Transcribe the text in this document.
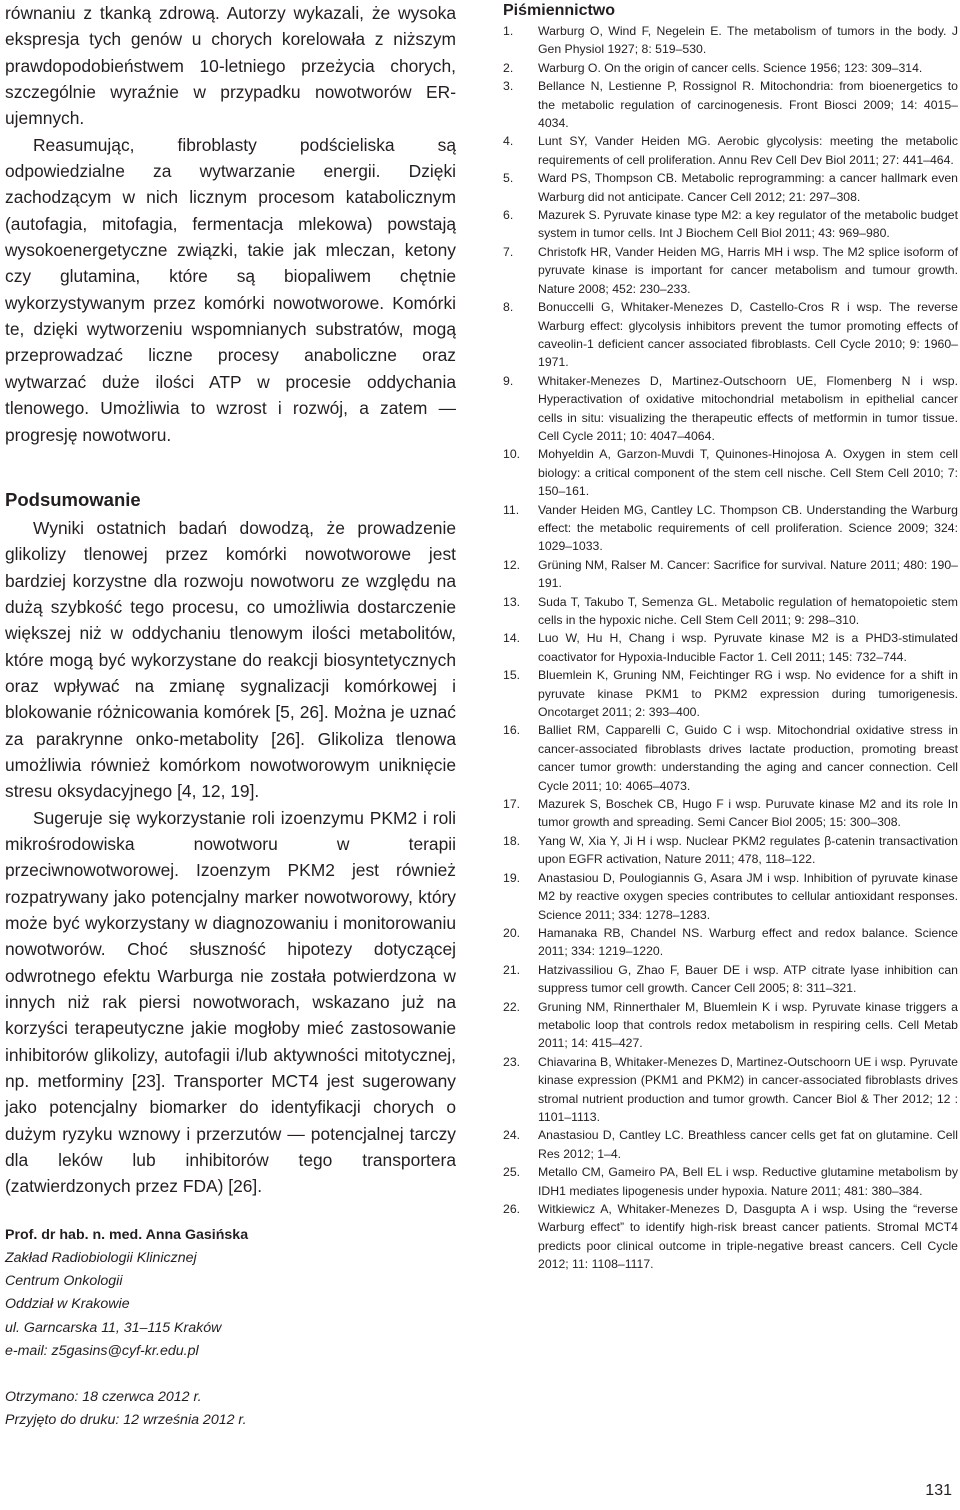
równaniu z tkanką zdrową. Autorzy wykazali, że wysoka ekspresja tych genów u chorych korelowała z niższym prawdopodobieństwem 10-letniego przeżycia chorych, szczególnie wyraźnie w przypadku nowotworów ER-ujemnych.

Reasumując, fibroblasty podścieliska są odpowiedzialne za wytwarzanie energii. Dzięki zachodzącym w nich licznym procesom katabolicznym (autofagia, mitofagia, fermentacja mlekowa) powstają wysokoenergetyczne związki, takie jak mleczan, ketony czy glutamina, które są biopaliwem chętnie wykorzystywanym przez komórki nowotworowe. Komórki te, dzięki wytworzeniu wspomnianych substratów, mogą przeprowadzać liczne procesy anaboliczne oraz wytwarzać duże ilości ATP w procesie oddychania tlenowego. Umożliwia to wzrost i rozwój, a zatem — progresję nowotworu.

Podsumowanie

Wyniki ostatnich badań dowodzą, że prowadzenie glikolizy tlenowej przez komórki nowotworowe jest bardziej korzystne dla rozwoju nowotworu ze względu na dużą szybkość tego procesu, co umożliwia dostarczenie większej niż w oddychaniu tlenowym ilości metabolitów, które mogą być wykorzystane do reakcji biosyntetycznych oraz wpływać na zmianę sygnalizacji komórkowej i blokowanie różnicowania komórek [5, 26]. Można je uznać za parakrynne onko-metabolity [26]. Glikoliza tlenowa umożliwia również komórkom nowotworowym uniknięcie stresu oksydacyjnego [4, 12, 19].

Sugeruje się wykorzystanie roli izoenzymu PKM2 i roli mikrośrodowiska nowotworu w terapii przeciwnowotworowej. Izoenzym PKM2 jest również rozpatrywany jako potencjalny marker nowotworowy, który może być wykorzystany w diagnozowaniu i monitorowaniu nowotworów. Choć słuszność hipotezy dotyczącej odwrotnego efektu Warburga nie została potwierdzona w innych niż rak piersi nowotworach, wskazano już na korzyści terapeutyczne jakie mogłoby mieć zastosowanie inhibitorów glikolizy, autofagii i/lub aktywności mitotycznej, np. metforminy [23]. Transporter MCT4 jest sugerowany jako potencjalny biomarker do identyfikacji chorych o dużym ryzyku wznowy i przerzutów — potencjalnej tarczy dla leków lub inhibitorów tego transportera (zatwierdzonych przez FDA) [26].

Prof. dr hab. n. med. Anna Gasińska

Zakład Radiobiologii Klinicznej

Centrum Onkologii

Oddział w Krakowie

ul. Garncarska 11, 31–115 Kraków

e-mail: z5gasins@cyf-kr.edu.pl

Otrzymano: 18 czerwca 2012 r.

Przyjęto do druku: 12 września 2012 r.

Piśmiennictwo
1. Warburg O, Wind F, Negelein E. The metabolism of tumors in the body. J Gen Physiol 1927; 8: 519–530.
2. Warburg O. On the origin of cancer cells. Science 1956; 123: 309–314.
3. Bellance N, Lestienne P, Rossignol R. Mitochondria: from bioenergetics to the metabolic regulation of carcinogenesis. Front Biosci 2009; 14: 4015–4034.
4. Lunt SY, Vander Heiden MG. Aerobic glycolysis: meeting the metabolic requirements of cell proliferation. Annu Rev Cell Dev Biol 2011; 27: 441–464.
5. Ward PS, Thompson CB. Metabolic reprogramming: a cancer hallmark even Warburg did not anticipate. Cancer Cell 2012; 21: 297–308.
6. Mazurek S. Pyruvate kinase type M2: a key regulator of the metabolic budget system in tumor cells. Int J Biochem Cell Biol 2011; 43: 969–980.
7. Christofk HR, Vander Heiden MG, Harris MH i wsp. The M2 splice isoform of pyruvate kinase is important for cancer metabolism and tumour growth. Nature 2008; 452: 230–233.
8. Bonuccelli G, Whitaker-Menezes D, Castello-Cros R i wsp. The reverse Warburg effect: glycolysis inhibitors prevent the tumor promoting effects of caveolin-1 deficient cancer associated fibroblasts. Cell Cycle 2010; 9: 1960–1971.
9. Whitaker-Menezes D, Martinez-Outschoorn UE, Flomenberg N i wsp. Hyperactivation of oxidative mitochondrial metabolism in epithelial cancer cells in situ: visualizing the therapeutic effects of metformin in tumor tissue. Cell Cycle 2011; 10: 4047–4064.
10. Mohyeldin A, Garzon-Muvdi T, Quinones-Hinojosa A. Oxygen in stem cell biology: a critical component of the stem cell nische. Cell Stem Cell 2010; 7: 150–161.
11. Vander Heiden MG, Cantley LC. Thompson CB. Understanding the Warburg effect: the metabolic requirements of cell proliferation. Science 2009; 324: 1029–1033.
12. Grüning NM, Ralser M. Cancer: Sacrifice for survival. Nature 2011; 480: 190–191.
13. Suda T, Takubo T, Semenza GL. Metabolic regulation of hematopoietic stem cells in the hypoxic niche. Cell Stem Cell 2011; 9: 298–310.
14. Luo W, Hu H, Chang i wsp. Pyruvate kinase M2 is a PHD3-stimulated coactivator for Hypoxia-Inducible Factor 1. Cell 2011; 145: 732–744.
15. Bluemlein K, Gruning NM, Feichtinger RG i wsp. No evidence for a shift in pyruvate kinase PKM1 to PKM2 expression during tumorigenesis. Oncotarget 2011; 2: 393–400.
16. Balliet RM, Capparelli C, Guido C i wsp. Mitochondrial oxidative stress in cancer-associated fibroblasts drives lactate production, promoting breast cancer tumor growth: understanding the aging and cancer connection. Cell Cycle 2011; 10: 4065–4073.
17. Mazurek S, Boschek CB, Hugo F i wsp. Puruvate kinase M2 and its role In tumor growth and spreading. Semi Cancer Biol 2005; 15: 300–308.
18. Yang W, Xia Y, Ji H i wsp. Nuclear PKM2 regulates β-catenin transactivation upon EGFR activation, Nature 2011; 478, 118–122.
19. Anastasiou D, Poulogiannis G, Asara JM i wsp. Inhibition of pyruvate kinase M2 by reactive oxygen species contributes to cellular antioxidant responses. Science 2011; 334: 1278–1283.
20. Hamanaka RB, Chandel NS. Warburg effect and redox balance. Science 2011; 334: 1219–1220.
21. Hatzivassiliou G, Zhao F, Bauer DE i wsp. ATP citrate lyase inhibition can suppress tumor cell growth. Cancer Cell 2005; 8: 311–321.
22. Gruning NM, Rinnerthaler M, Bluemlein K i wsp. Pyruvate kinase triggers a metabolic loop that controls redox metabolism in respiring cells. Cell Metab 2011; 14: 415–427.
23. Chiavarina B, Whitaker-Menezes D, Martinez-Outschoorn UE i wsp. Pyruvate kinase expression (PKM1 and PKM2) in cancer-associated fibroblasts drives stromal nutrient production and tumor growth. Cancer Biol & Ther 2012; 12 : 1101–1113.
24. Anastasiou D, Cantley LC. Breathless cancer cells get fat on glutamine. Cell Res 2012; 1–4.
25. Metallo CM, Gameiro PA, Bell EL i wsp. Reductive glutamine metabolism by IDH1 mediates lipogenesis under hypoxia. Nature 2011; 481: 380–384.
26. Witkiewicz A, Whitaker-Menezes D, Dasgupta A i wsp. Using the “reverse Warburg effect” to identify high-risk breast cancer patients. Stromal MCT4 predicts poor clinical outcome in triple-negative breast cancers. Cell Cycle 2012; 11: 1108–1117.
131
